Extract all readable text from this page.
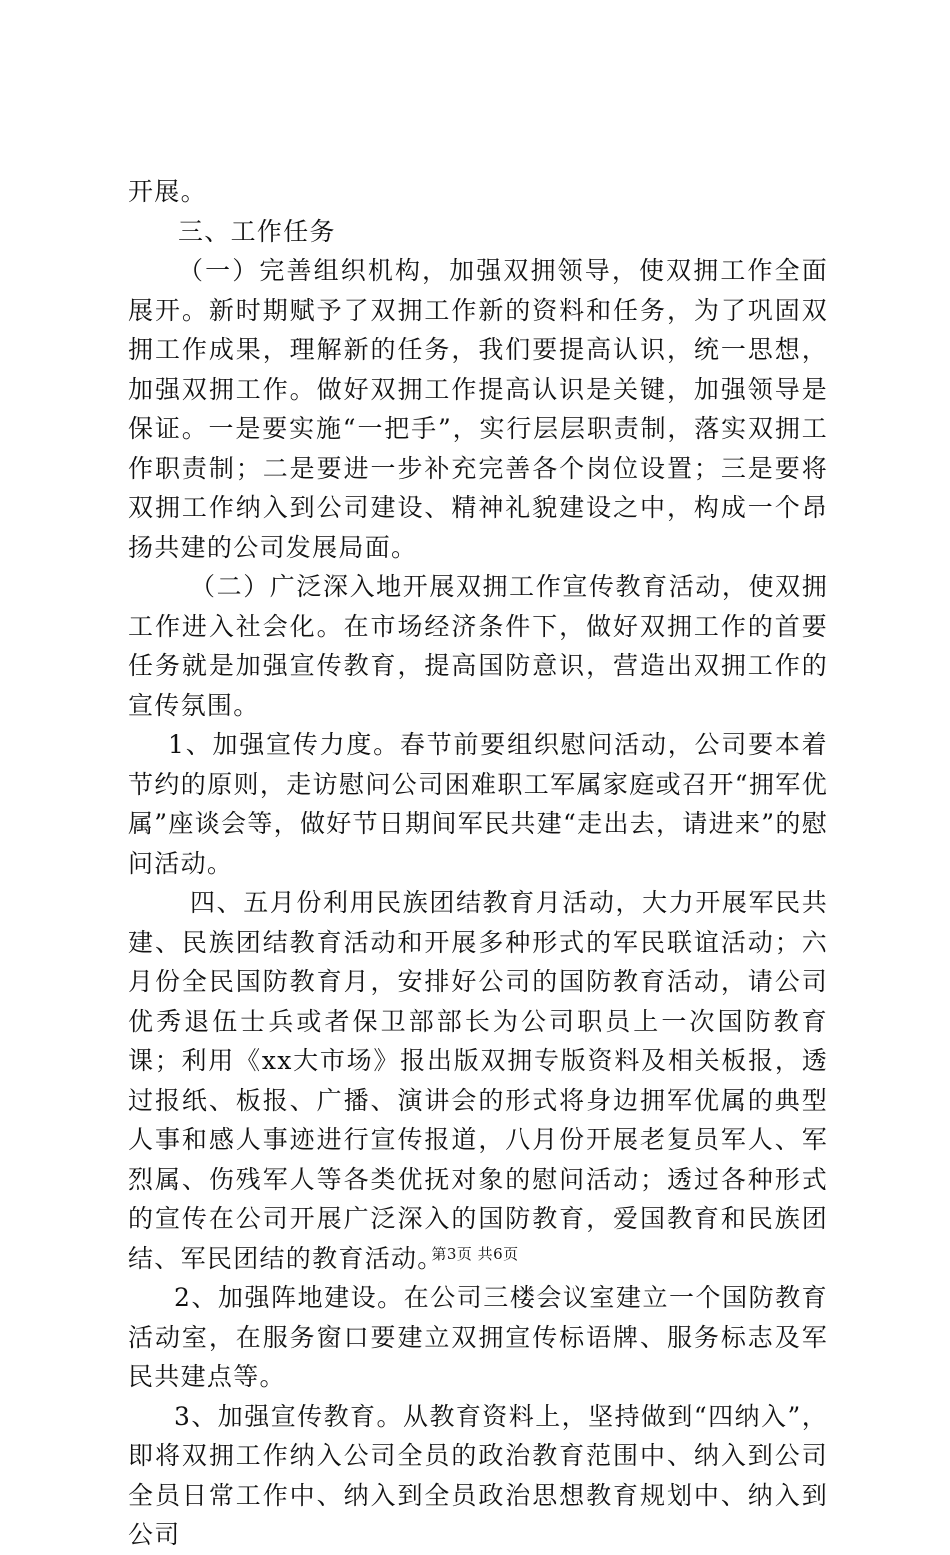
开展。

三、工作任务

（一）完善组织机构，加强双拥领导，使双拥工作全面展开。新时期赋予了双拥工作新的资料和任务，为了巩固双拥工作成果，理解新的任务，我们要提高认识，统一思想，加强双拥工作。做好双拥工作提高认识是关键，加强领导是保证。一是要实施“一把手”，实行层层职责制，落实双拥工作职责制；二是要进一步补充完善各个岗位设置；三是要将双拥工作纳入到公司建设、精神礼貌建设之中，构成一个昂扬共建的公司发展局面。

（二）广泛深入地开展双拥工作宣传教育活动，使双拥工作进入社会化。在市场经济条件下，做好双拥工作的首要任务就是加强宣传教育，提高国防意识，营造出双拥工作的宣传氛围。

1、加强宣传力度。春节前要组织慰问活动，公司要本着节约的原则，走访慰问公司困难职工军属家庭或召开“拥军优属”座谈会等，做好节日期间军民共建“走出去，请进来”的慰问活动。

四、五月份利用民族团结教育月活动，大力开展军民共建、民族团结教育活动和开展多种形式的军民联谊活动；六月份全民国防教育月，安排好公司的国防教育活动，请公司优秀退伍士兵或者保卫部部长为公司职员上一次国防教育课；利用《xx大市场》报出版双拥专版资料及相关板报，透过报纸、板报、广播、演讲会的形式将身边拥军优属的典型人事和感人事迹进行宣传报道，八月份开展老复员军人、军烈属、伤残军人等各类优抚对象的慰问活动；透过各种形式的宣传在公司开展广泛深入的国防教育，爱国教育和民族团结、军民团结的教育活动。

2、加强阵地建设。在公司三楼会议室建立一个国防教育活动室，在服务窗口要建立双拥宣传标语牌、服务标志及军民共建点等。

3、加强宣传教育。从教育资料上，坚持做到“四纳入”，即将双拥工作纳入公司全员的政治教育范围中、纳入到公司全员日常工作中、纳入到全员政治思想教育规划中、纳入到公司

第3页 共6页
